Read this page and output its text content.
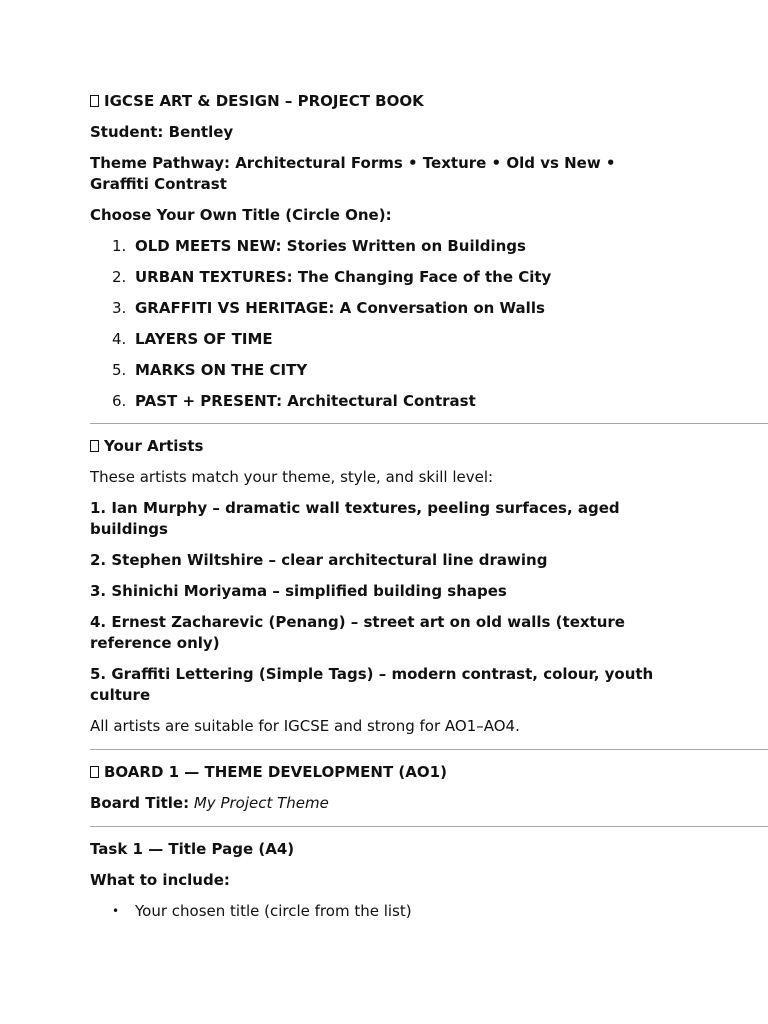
IGCSE ART & DESIGN – PROJECT BOOK

Student: Bentley

Theme Pathway: Architectural Forms • Texture • Old vs New • Graffiti Contrast

Choose Your Own Title (Circle One):

1. OLD MEETS NEW: Stories Written on Buildings
2. URBAN TEXTURES: The Changing Face of the City
3. GRAFFITI VS HERITAGE: A Conversation on Walls
4. LAYERS OF TIME
5. MARKS ON THE CITY
6. PAST + PRESENT: Architectural Contrast

Your Artists

These artists match your theme, style, and skill level:

1. Ian Murphy – dramatic wall textures, peeling surfaces, aged buildings

2. Stephen Wiltshire – clear architectural line drawing

3. Shinichi Moriyama – simplified building shapes

4. Ernest Zacharevic (Penang) – street art on old walls (texture reference only)

5. Graffiti Lettering (Simple Tags) – modern contrast, colour, youth culture

All artists are suitable for IGCSE and strong for AO1–AO4.

BOARD 1 — THEME DEVELOPMENT (AO1)

Board Title: My Project Theme

Task 1 — Title Page (A4)

What to include:

• Your chosen title (circle from the list)
